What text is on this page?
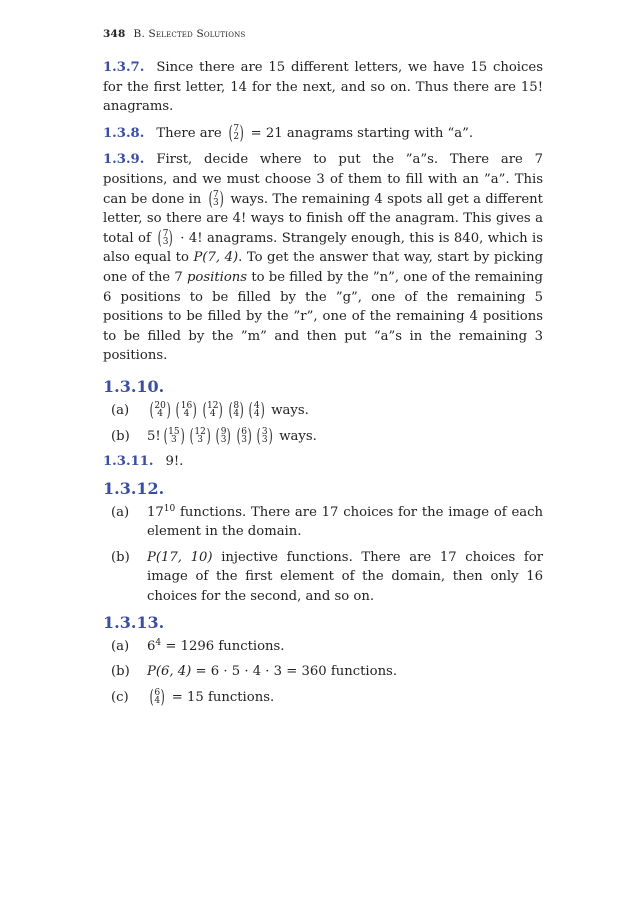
348 B. Selected Solutions

1.3.7. Since there are 15 different letters, we have 15 choices for the first letter, 14 for the next, and so on. Thus there are 15! anagrams.

1.3.8. There are ( 7
2 ) = 21 anagrams starting with “a”.

1.3.9. First, decide where to put the ”a”s. There are 7 positions, and we must choose 3 of them to fill with an ”a”. This can be done in ( 7
3 ) ways. The remaining 4 spots all get a different letter, so there are 4! ways to finish off the anagram. This gives a total of ( 7
3 ) · 4! anagrams. Strangely enough, this is 840, which is also equal to P(7, 4). To get the answer that way, start by picking one of the 7 positions to be filled by the ”n”, one of the remaining 6 positions to be filled by the ”g”, one of the remaining 5 positions to be filled by the ”r”, one of the remaining 4 positions to be filled by the ”m” and then put “a”s in the remaining 3 positions.

1.3.10.
(a)	( 20
4 ) ( 16
4 ) ( 12
4 ) ( 8
4 ) ( 4
4 ) ways.
(b)	5! ( 15
3 ) ( 12
3 ) ( 9
3 ) ( 6
3 ) ( 3
3 ) ways.

1.3.11. 9!.

1.3.12.
(a)	$17^{10}$ functions. There are 17 choices for the image of each element in the domain.
(b)	P(17, 10) injective functions. There are 17 choices for image of the first element of the domain, then only 16 choices for the second, and so on.
1.3.13.
(a)	$6^4 = 1296$ functions.
(b)	P(6, 4) = 6 · 5 · 4 · 3 = 360 functions.
(c)	( 6
4 ) = 15 functions.
